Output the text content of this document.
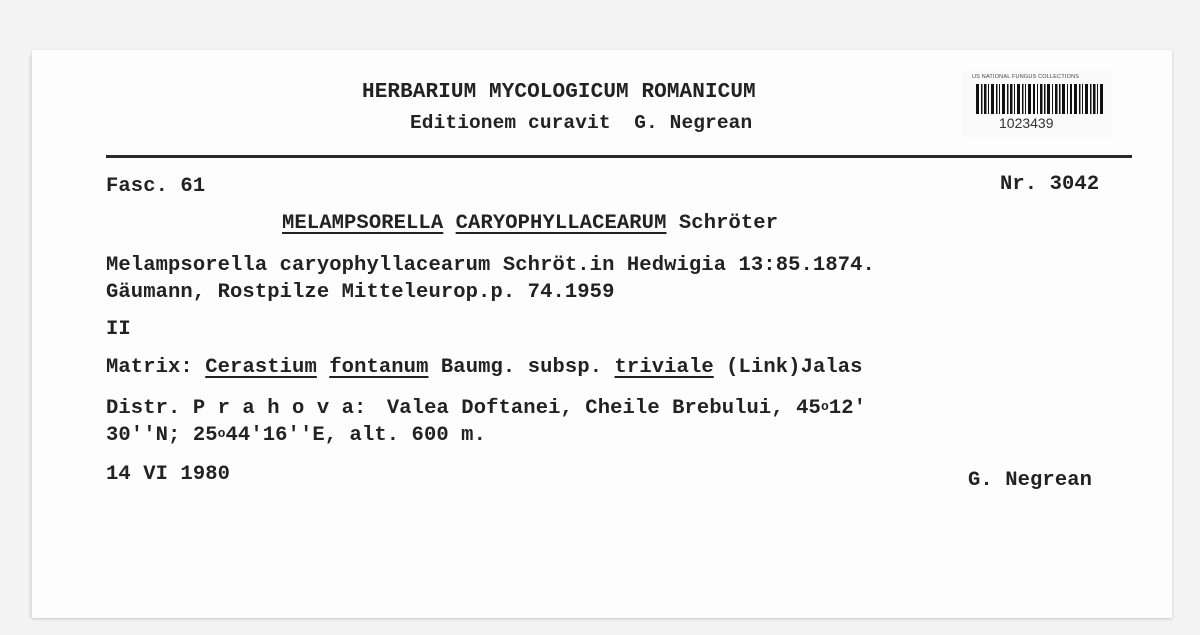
HERBARIUM MYCOLOGICUM ROMANICUM
Editionem curavit  G. Negrean
US NATIONAL FUNGUS COLLECTIONS
1023439
Fasc. 61	Nr. 3042
MELAMPSORELLA CARYOPHYLLACEARUM Schröter
Melampsorella caryophyllacearum Schröt.in Hedwigia 13:85.1874.
Gäumann, Rostpilze Mitteleurop.p. 74.1959
II
Matrix: Cerastium fontanum Baumg. subsp. triviale (Link)Jalas
Distr. P r a h o v a: Valea Doftanei, Cheile Brebului, 45$^o$12'
30''N; 25$^o$44'16''E, alt. 600 m.
14 VI 1980	G. Negrean
